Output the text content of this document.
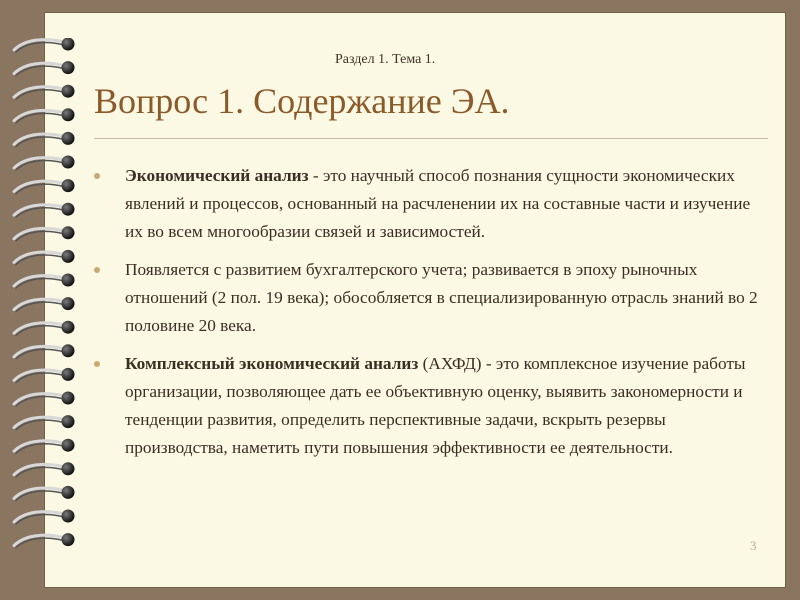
Раздел 1. Тема 1.
Вопрос 1. Содержание ЭА.
Экономический анализ - это научный способ познания сущности экономических явлений и процессов, основанный на расчленении их на составные части и изучение их во всем многообразии связей и зависимостей.
Появляется с развитием бухгалтерского учета; развивается в эпоху рыночных отношений (2 пол. 19 века); обособляется в специализированную отрасль знаний во 2 половине 20 века.
Комплексный экономический анализ (АХФД) - это комплексное изучение работы организации, позволяющее дать ее объективную оценку, выявить закономерности и тенденции развития, определить перспективные задачи, вскрыть резервы производства, наметить пути повышения эффективности ее деятельности.
3
